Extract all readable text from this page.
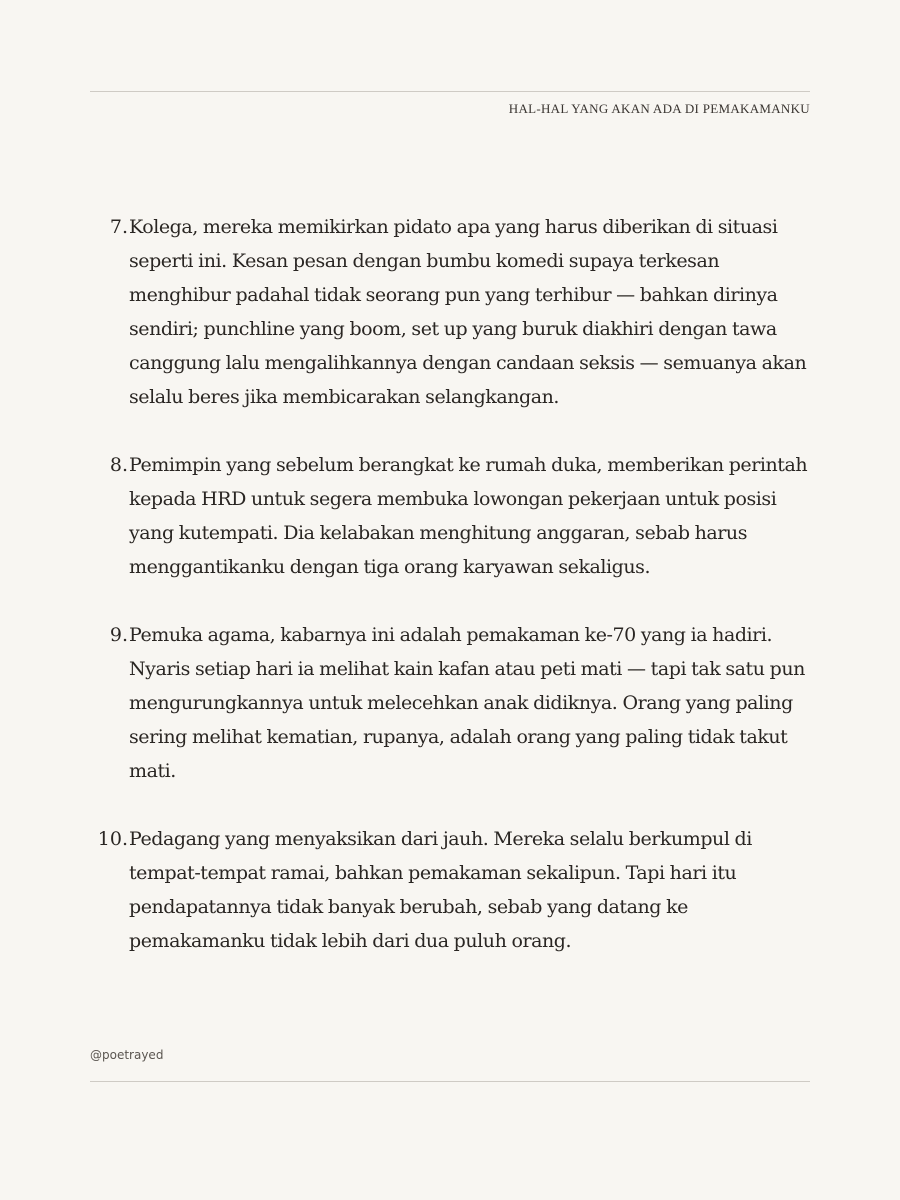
HAL-HAL YANG AKAN ADA DI PEMAKAMANKU
7. Kolega, mereka memikirkan pidato apa yang harus diberikan di situasi seperti ini. Kesan pesan dengan bumbu komedi supaya terkesan menghibur padahal tidak seorang pun yang terhibur — bahkan dirinya sendiri; punchline yang boom, set up yang buruk diakhiri dengan tawa canggung lalu mengalihkannya dengan candaan seksis — semuanya akan selalu beres jika membicarakan selangkangan.

8. Pemimpin yang sebelum berangkat ke rumah duka, memberikan perintah kepada HRD untuk segera membuka lowongan pekerjaan untuk posisi yang kutempati. Dia kelabakan menghitung anggaran, sebab harus menggantikanku dengan tiga orang karyawan sekaligus.

9. Pemuka agama, kabarnya ini adalah pemakaman ke-70 yang ia hadiri. Nyaris setiap hari ia melihat kain kafan atau peti mati — tapi tak satu pun mengurungkannya untuk melecehkan anak didiknya. Orang yang paling sering melihat kematian, rupanya, adalah orang yang paling tidak takut mati.

10. Pedagang yang menyaksikan dari jauh. Mereka selalu berkumpul di tempat-tempat ramai, bahkan pemakaman sekalipun. Tapi hari itu pendapatannya tidak banyak berubah, sebab yang datang ke pemakamanku tidak lebih dari dua puluh orang.

@poetrayed
